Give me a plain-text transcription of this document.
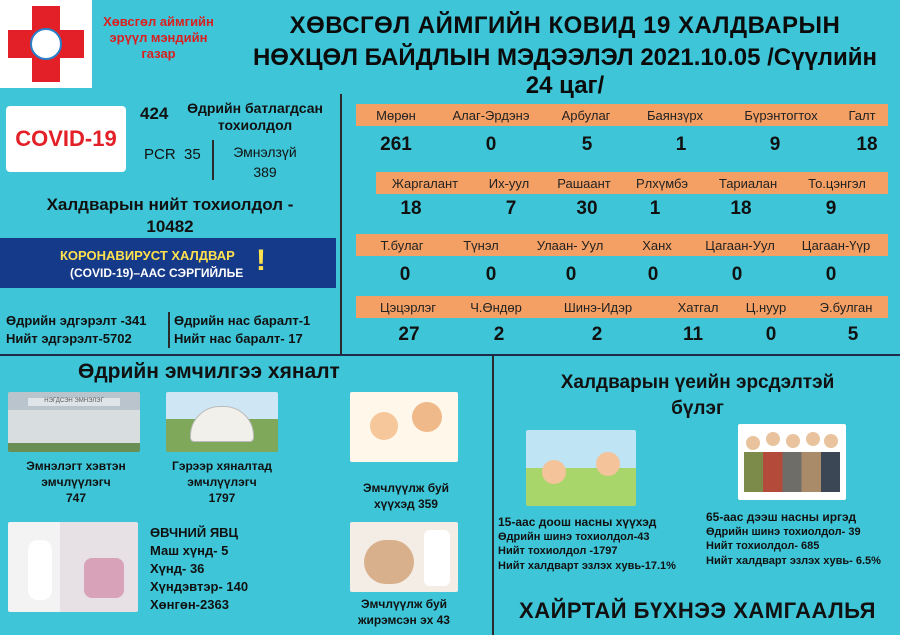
Хөвсгөл аймгийн эрүүл мэндийн газар
ХӨВСГӨЛ АЙМГИЙН КОВИД 19 ХАЛДВАРЫН
НӨХЦӨЛ БАЙДЛЫН МЭДЭЭЛЭЛ 2021.10.05 /Сүүлийн 24 цаг/
COVID-19
424	Өдрийн батлагдсан тохиолдол
PCR 35	Эмнэлзүй
389
Халдварын нийт тохиолдол -
10482
КОРОНАВИРУСТ ХАЛДВАР
(COVID-19)–ААС СЭРГИЙЛЬЕ !
Өдрийн эдгэрэлт -341
Нийт эдгэрэлт-5702
Өдрийн нас баралт-1
Нийт нас баралт- 17
Мөрөн	Алаг-Эрдэнэ	Арбулаг	Баянзүрх	Бүрэнтогтох	Галт
261	0	5	1	9	18
Жаргалант	Их-уул	Рашаант	Рлхүмбэ	Тариалан	То.цэнгэл
18	7	30	1	18	9
Т.булаг	Түнэл	Улаан- Уул	Ханх	Цагаан-Уул	Цагаан-Үүр
0	0	0	0	0	0
Цэцэрлэг	Ч.Өндөр	Шинэ-Идэр	Хатгал	Ц.нуур	Э.булган
27	2	2	11	0	5
Өдрийн эмчилгээ хяналт
НЭГДСЭН ЭМНЭЛЭГ
Эмнэлэгт хэвтэн
эмчлүүлэгч
747
Гэрээр хяналтад
эмчлүүлэгч
1797
Эмчлүүлж буй
хүүхэд 359
ӨВЧНИЙ ЯВЦ
Маш хүнд- 5
Хүнд- 36
Хүндэвтэр- 140
Хөнгөн-2363	Эмчлүүлж буй
жирэмсэн эх 43
Халдварын үеийн эрсдэлтэй
бүлэг
15-аас доош насны хүүхэд
Өдрийн шинэ тохиолдол-43
Нийт тохиолдол -1797
Нийт халдварт эзлэх хувь-17.1%
65-аас дээш насны иргэд
Өдрийн шинэ тохиолдол- 39
Нийт тохиолдол- 685
Нийт халдварт эзлэх хувь- 6.5%
ХАЙРТАЙ БҮХНЭЭ ХАМГААЛЬЯ
